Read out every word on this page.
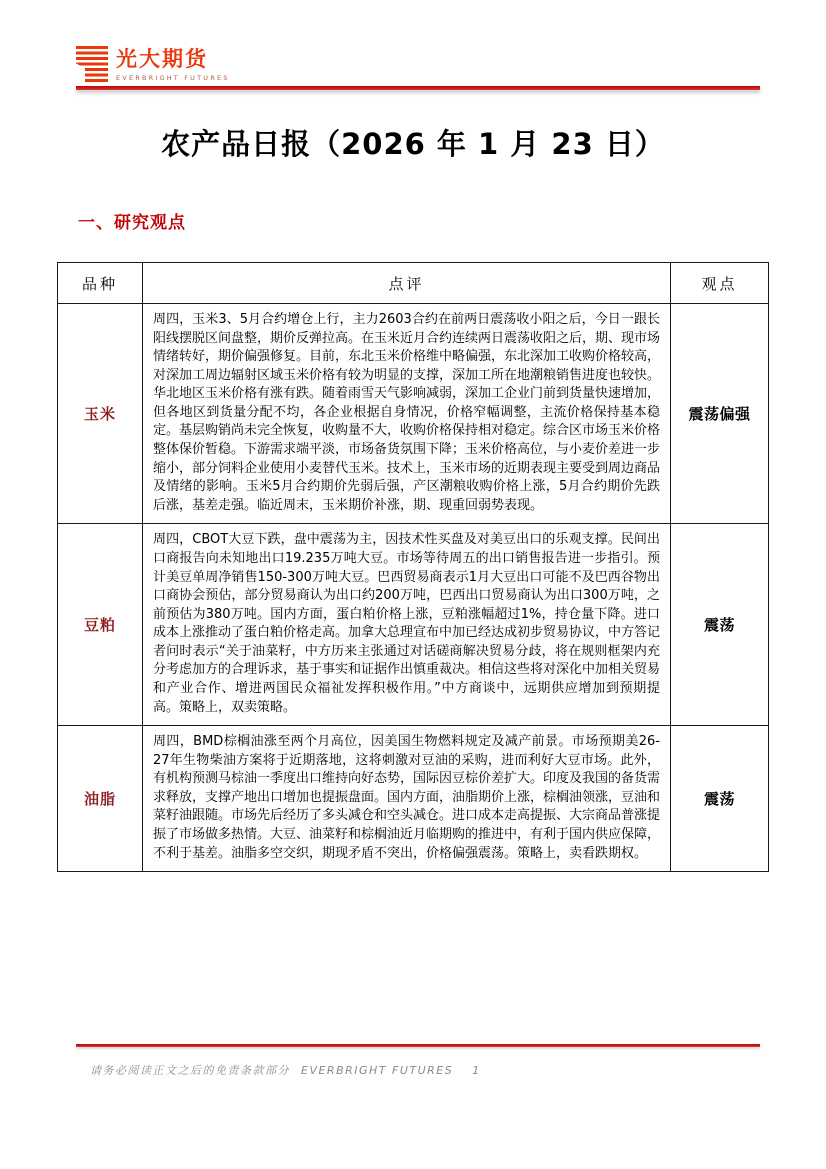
光大期货
EVERBRIGHT FUTURES
农产品日报（2026 年 1 月 23 日）
一、研究观点
品种	点评	观点
玉米	周四，玉米3、5月合约增仓上行，主力2603合约在前两日震荡收小阳之后，今日一跟长阳线摆脱区间盘整，期价反弹拉高。在玉米近月合约连续两日震荡收阳之后，期、现市场情绪转好，期价偏强修复。目前，东北玉米价格维中略偏强，东北深加工收购价格较高，对深加工周边辐射区域玉米价格有较为明显的支撑，深加工所在地潮粮销售进度也较快。华北地区玉米价格有涨有跌。随着雨雪天气影响减弱，深加工企业门前到货量快速增加，但各地区到货量分配不均，各企业根据自身情况，价格窄幅调整，主流价格保持基本稳定。基层购销尚未完全恢复，收购量不大，收购价格保持相对稳定。综合区市场玉米价格整体保价暂稳。下游需求端平淡，市场备货氛围下降；玉米价格高位，与小麦价差进一步缩小，部分饲料企业使用小麦替代玉米。技术上，玉米市场的近期表现主要受到周边商品及情绪的影响。玉米5月合约期价先弱后强，产区潮粮收购价格上涨，5月合约期价先跌后涨，基差走强。临近周末，玉米期价补涨，期、现重回弱势表现。	震荡偏强
豆粕	周四，CBOT大豆下跌，盘中震荡为主，因技术性买盘及对美豆出口的乐观支撑。民间出口商报告向未知地出口19.235万吨大豆。市场等待周五的出口销售报告进一步指引。预计美豆单周净销售150-300万吨大豆。巴西贸易商表示1月大豆出口可能不及巴西谷物出口商协会预估，部分贸易商认为出口约200万吨，巴西出口贸易商认为出口300万吨，之前预估为380万吨。国内方面，蛋白粕价格上涨，豆粕涨幅超过1%，持仓量下降。进口成本上涨推动了蛋白粕价格走高。加拿大总理宣布中加已经达成初步贸易协议，中方答记者问时表示“关于油菜籽，中方历来主张通过对话磋商解决贸易分歧，将在规则框架内充分考虑加方的合理诉求，基于事实和证据作出慎重裁决。相信这些将对深化中加相关贸易和产业合作、增进两国民众福祉发挥积极作用。”中方商谈中，远期供应增加到预期提高。策略上，双卖策略。	震荡
油脂	周四，BMD棕榈油涨至两个月高位，因美国生物燃料规定及减产前景。市场预期美26-27年生物柴油方案将于近期落地，这将刺激对豆油的采购，进而利好大豆市场。此外，有机构预测马棕油一季度出口维持向好态势，国际因豆棕价差扩大。印度及我国的备货需求释放，支撑产地出口增加也提振盘面。国内方面，油脂期价上涨，棕榈油领涨，豆油和菜籽油跟随。市场先后经历了多头减仓和空头减仓。进口成本走高提振、大宗商品普涨提振了市场做多热情。大豆、油菜籽和棕榈油近月临期购的推进中，有利于国内供应保障，不利于基差。油脂多空交织，期现矛盾不突出，价格偏强震荡。策略上，卖看跌期权。	震荡
请务必阅读正文之后的免责条款部分 EVERBRIGHT FUTURES 1
